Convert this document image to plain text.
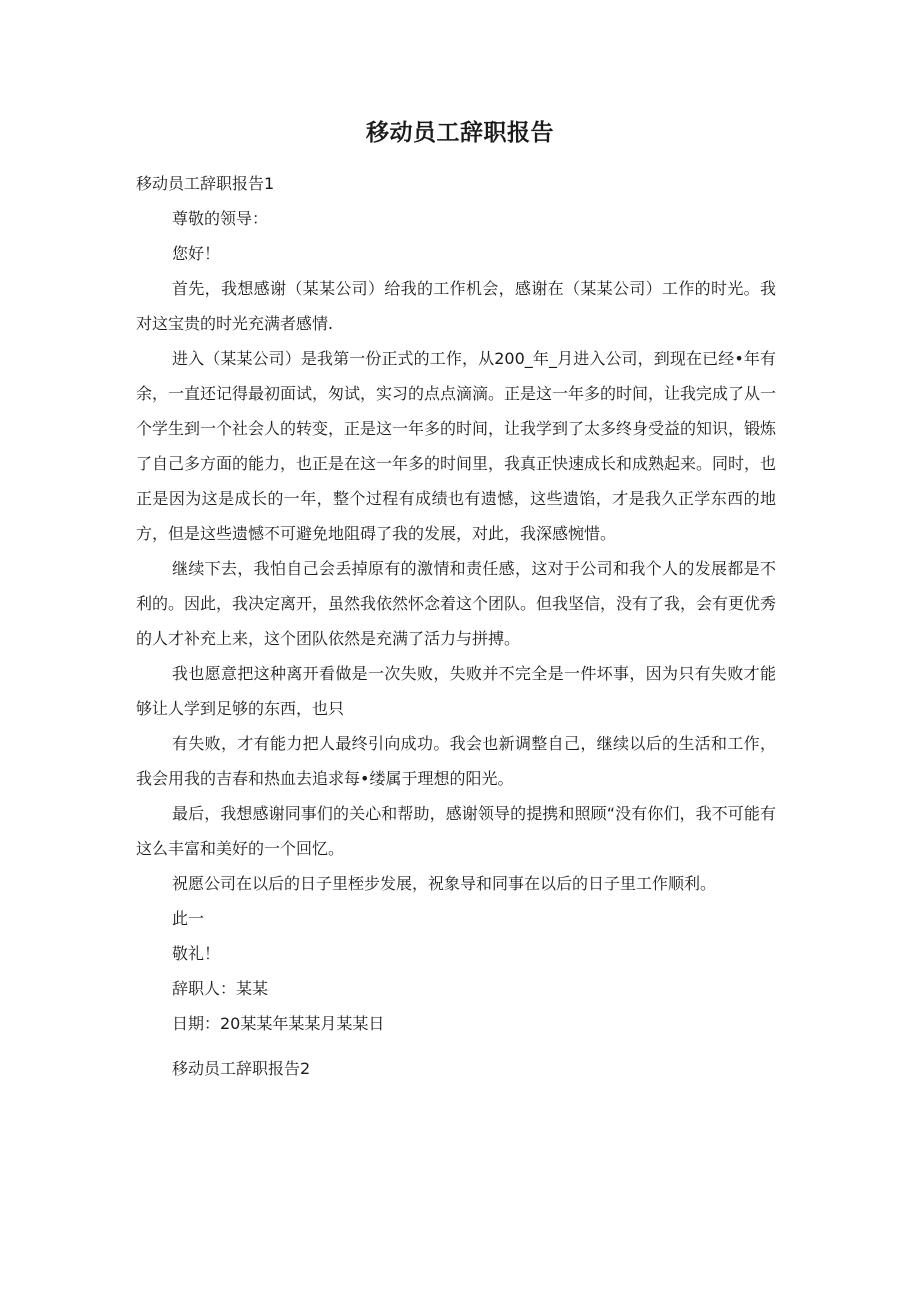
移动员工辞职报告

移动员工辞职报告1

尊敬的领导：

您好！

首先，我想感谢（某某公司）给我的工作机会，感谢在（某某公司）工作的时光。我对这宝贵的时光充满者感情.

进入（某某公司）是我第一份正式的工作，从200_年_月进入公司，到现在已经•年有余，一直还记得最初面试，匆试，实习的点点滴滴。正是这一年多的时间，让我完成了从一个学生到一个社会人的转变，正是这一年多的时间，让我学到了太多终身受益的知识，锻炼了自己多方面的能力，也正是在这一年多的时间里，我真正快速成长和成熟起来。同时，也正是因为这是成长的一年，整个过程有成绩也有遗憾，这些遗馅，才是我久正学东西的地方，但是这些遗憾不可避免地阻碍了我的发展，对此，我深感惋惜。

继续下去，我怕自己会丢掉原有的激情和责任感，这对于公司和我个人的发展都是不利的。因此，我决定离开，虽然我依然怀念着这个团队。但我坚信，没有了我，会有更优秀的人才补充上来，这个团队依然是充满了活力与拼搏。

我也愿意把这种离开看做是一次失败，失败并不完全是一件坏事，因为只有失败才能够让人学到足够的东西，也只

有失败，才有能力把人最终引向成功。我会也新调整自己，继续以后的生活和工作，我会用我的吉春和热血去追求每•缕属于理想的阳光。

最后，我想感谢同事们的关心和帮助，感谢领导的提携和照顾“没有你们，我不可能有这么丰富和美好的一个回忆。

祝愿公司在以后的日子里桎步发展，祝象导和同事在以后的日子里工作顺利。

此一

敬礼！

辞职人：某某

日期：20某某年某某月某某日

移动员工辞职报告2
